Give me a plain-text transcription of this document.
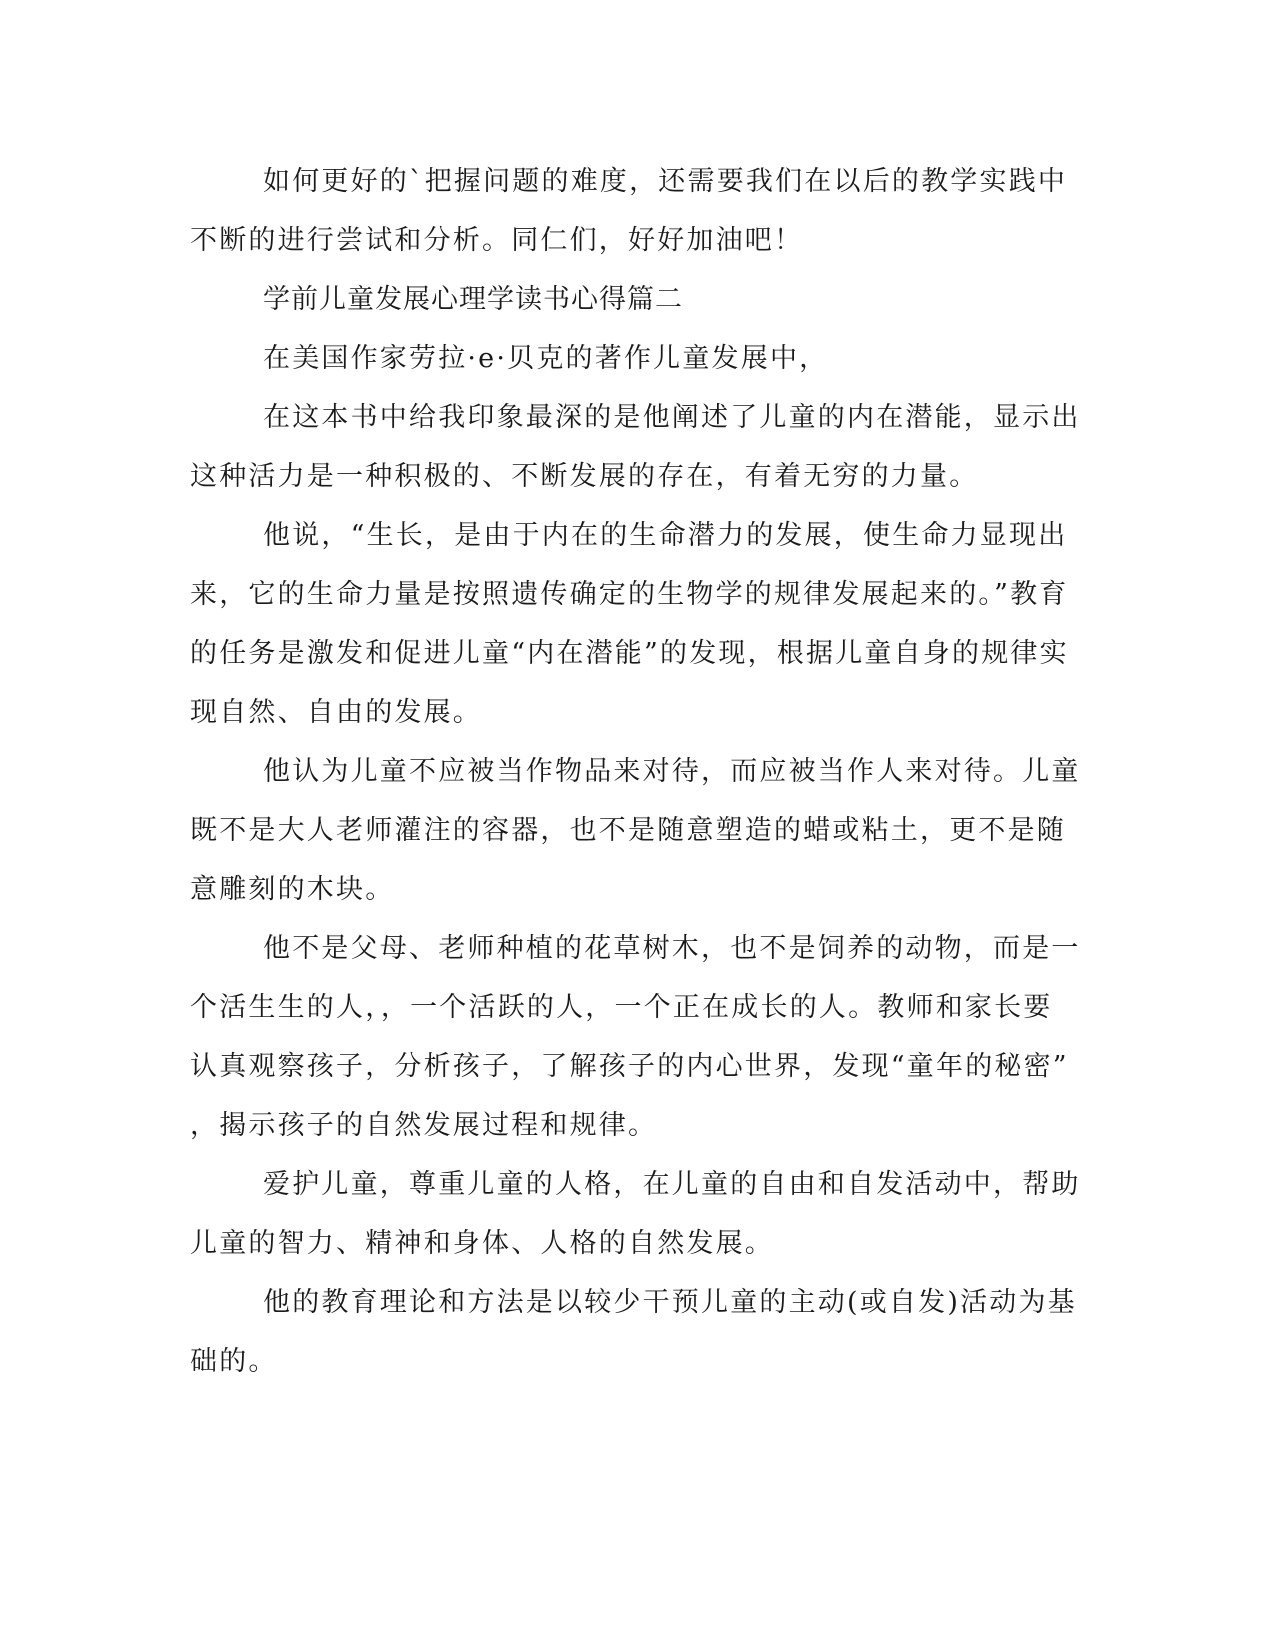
如何更好的`把握问题的难度，还需要我们在以后的教学实践中
不断的进行尝试和分析。同仁们，好好加油吧！
学前儿童发展心理学读书心得篇二
在美国作家劳拉·e·贝克的著作儿童发展中，
在这本书中给我印象最深的是他阐述了儿童的内在潜能，显示出
这种活力是一种积极的、不断发展的存在，有着无穷的力量。
他说，“生长，是由于内在的生命潜力的发展，使生命力显现出
来，它的生命力量是按照遗传确定的生物学的规律发展起来的。”教育
的任务是激发和促进儿童“内在潜能”的发现，根据儿童自身的规律实
现自然、自由的发展。
他认为儿童不应被当作物品来对待，而应被当作人来对待。儿童
既不是大人老师灌注的容器，也不是随意塑造的蜡或粘土，更不是随
意雕刻的木块。
他不是父母、老师种植的花草树木，也不是饲养的动物，而是一
个活生生的人，，一个活跃的人，一个正在成长的人。教师和家长要
认真观察孩子，分析孩子，了解孩子的内心世界，发现“童年的秘密”
，揭示孩子的自然发展过程和规律。
爱护儿童，尊重儿童的人格，在儿童的自由和自发活动中，帮助
儿童的智力、精神和身体、人格的自然发展。
他的教育理论和方法是以较少干预儿童的主动(或自发)活动为基
础的。
